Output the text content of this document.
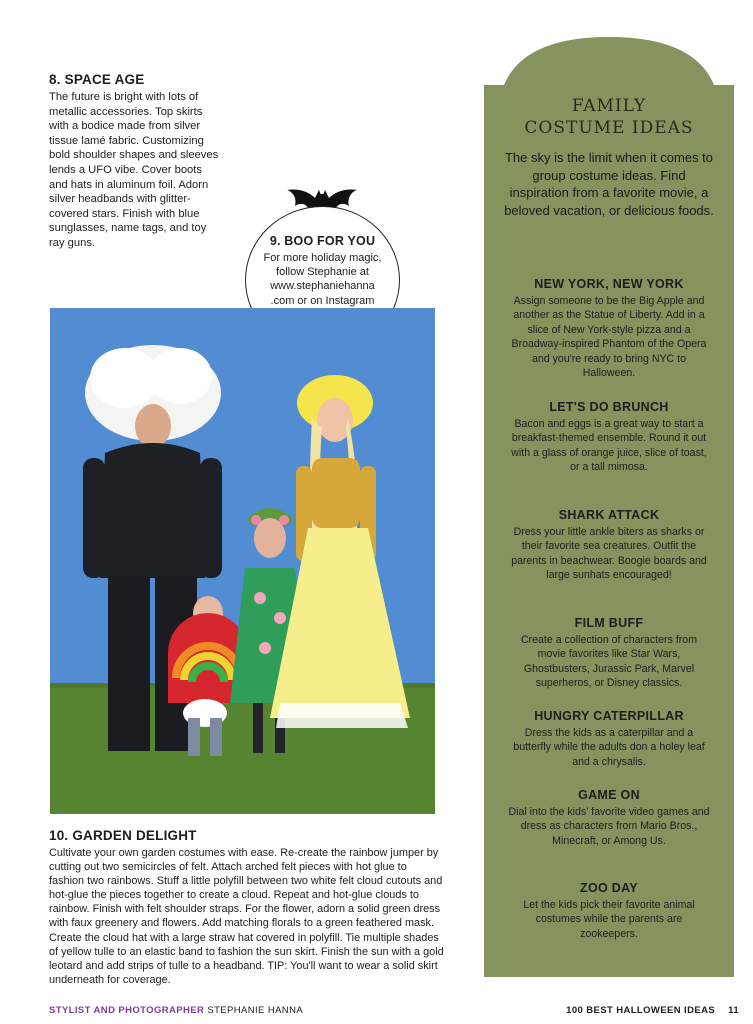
8. SPACE AGE

The future is bright with lots of metallic accessories. Top skirts with a bodice made from silver tissue lamé fabric. Customizing bold shoulder shapes and sleeves lends a UFO vibe. Cover boots and hats in aluminum foil. Adorn silver headbands with glitter-covered stars. Finish with blue sunglasses, name tags, and toy ray guns.	9. BOO FOR YOU

For more holiday magic, follow Stephanie at www.stephaniehanna .com or on Instagram

10. GARDEN DELIGHT

Cultivate your own garden costumes with ease. Re-create the rainbow jumper by cutting out two semicircles of felt. Attach arched felt pieces with hot glue to fashion two rainbows. Stuff a little polyfill between two white felt cloud cutouts and hot-glue the pieces together to create a cloud. Repeat and hot-glue clouds to rainbow. Finish with felt shoulder straps. For the flower, adorn a solid green dress with faux greenery and flowers. Add matching florals to a green feathered mask. Create the cloud hat with a large straw hat covered in polyfill. Tie multiple shades of yellow tulle to an elastic band to fashion the sun skirt. Finish the sun with a gold leotard and add strips of tulle to a headband. TIP: You'll want to wear a solid skirt underneath for coverage.

FAMILY
COSTUME IDEAS

The sky is the limit when it comes to group costume ideas. Find inspiration from a favorite movie, a beloved vacation, or delicious foods.

NEW YORK, NEW YORK

Assign someone to be the Big Apple and another as the Statue of Liberty. Add in a slice of New York-style pizza and a Broadway-inspired Phantom of the Opera and you're ready to bring NYC to Halloween.

LET'S DO BRUNCH

Bacon and eggs is a great way to start a breakfast-themed ensemble. Round it out with a glass of orange juice, slice of toast, or a tall mimosa.

SHARK ATTACK

Dress your little ankle biters as sharks or their favorite sea creatures. Outfit the parents in beachwear. Boogie boards and large sunhats encouraged!

FILM BUFF

Create a collection of characters from movie favorites like Star Wars, Ghostbusters, Jurassic Park, Marvel superheros, or Disney classics.

HUNGRY CATERPILLAR

Dress the kids as a caterpillar and a butterfly while the adults don a holey leaf and a chrysalis.

GAME ON

Dial into the kids' favorite video games and dress as characters from Mario Bros., Minecraft, or Among Us.

ZOO DAY

Let the kids pick their favorite animal costumes while the parents are zookeepers.

STYLIST AND PHOTOGRAPHER STEPHANIE HANNA	100 BEST HALLOWEEN IDEAS 11
